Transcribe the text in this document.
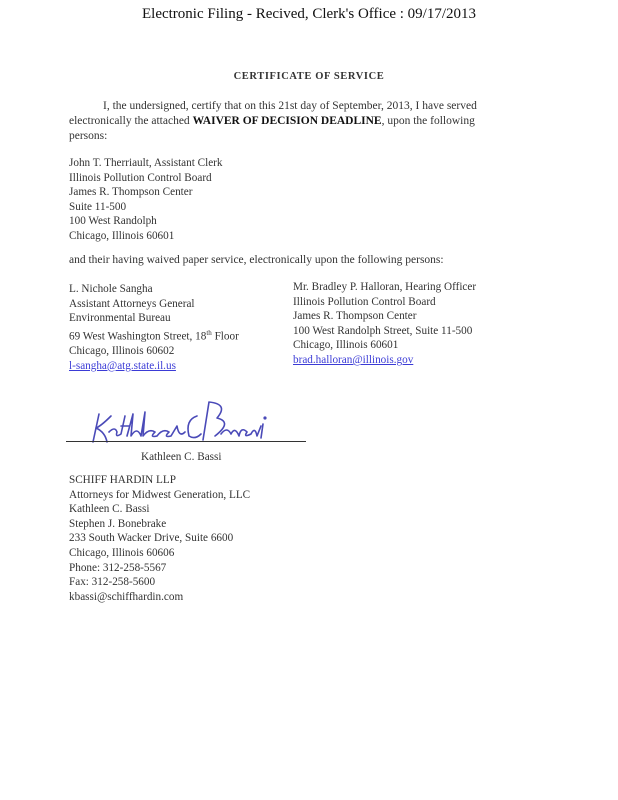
Electronic Filing - Recived, Clerk's Office : 09/17/2013
CERTIFICATE OF SERVICE
I, the undersigned, certify that on this 21st day of September, 2013, I have served electronically the attached WAIVER OF DECISION DEADLINE, upon the following persons:
John T. Therriault, Assistant Clerk
Illinois Pollution Control Board
James R. Thompson Center
Suite 11-500
100 West Randolph
Chicago, Illinois 60601
and their having waived paper service, electronically upon the following persons:
L. Nichole Sangha
Assistant Attorneys General
Environmental Bureau
69 West Washington Street, 18th Floor
Chicago, Illinois 60602
l-sangha@atg.state.il.us
Mr. Bradley P. Halloran, Hearing Officer
Illinois Pollution Control Board
James R. Thompson Center
100 West Randolph Street, Suite 11-500
Chicago, Illinois 60601
brad.halloran@illinois.gov
Kathleen C. Bassi
SCHIFF HARDIN LLP
Attorneys for Midwest Generation, LLC
Kathleen C. Bassi
Stephen J. Bonebrake
233 South Wacker Drive, Suite 6600
Chicago, Illinois 60606
Phone: 312-258-5567
Fax: 312-258-5600
kbassi@schiffhardin.com
